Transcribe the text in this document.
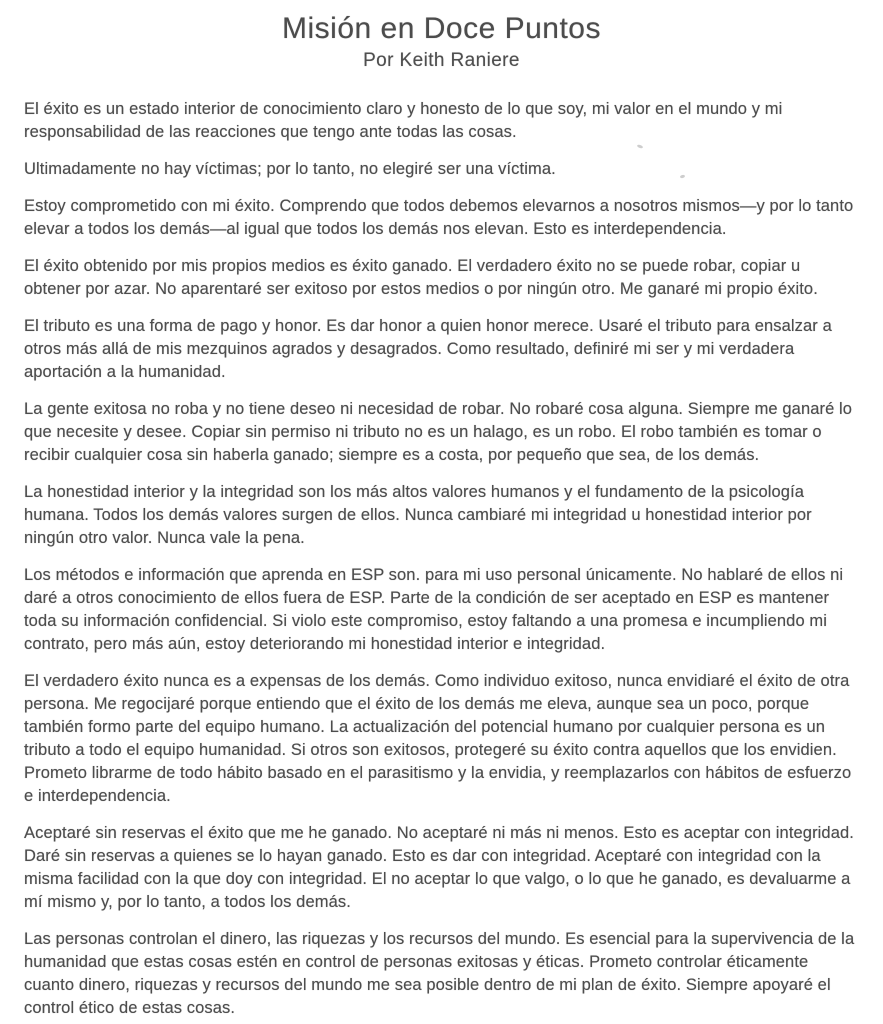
Misión en Doce Puntos
Por Keith Raniere

El éxito es un estado interior de conocimiento claro y honesto de lo que soy, mi valor en el mundo y mi responsabilidad de las reacciones que tengo ante todas las cosas.

Ultimadamente no hay víctimas; por lo tanto, no elegiré ser una víctima.

Estoy comprometido con mi éxito. Comprendo que todos debemos elevarnos a nosotros mismos—y por lo tanto elevar a todos los demás—al igual que todos los demás nos elevan. Esto es interdependencia.

El éxito obtenido por mis propios medios es éxito ganado. El verdadero éxito no se puede robar, copiar u obtener por azar. No aparentaré ser exitoso por estos medios o por ningún otro. Me ganaré mi propio éxito.

El tributo es una forma de pago y honor. Es dar honor a quien honor merece. Usaré el tributo para ensalzar a otros más allá de mis mezquinos agrados y desagrados. Como resultado, definiré mi ser y mi verdadera aportación a la humanidad.

La gente exitosa no roba y no tiene deseo ni necesidad de robar. No robaré cosa alguna. Siempre me ganaré lo que necesite y desee. Copiar sin permiso ni tributo no es un halago, es un robo. El robo también es tomar o recibir cualquier cosa sin haberla ganado; siempre es a costa, por pequeño que sea, de los demás.

La honestidad interior y la integridad son los más altos valores humanos y el fundamento de la psicología humana. Todos los demás valores surgen de ellos. Nunca cambiaré mi integridad u honestidad interior por ningún otro valor. Nunca vale la pena.

Los métodos e información que aprenda en ESP son. para mi uso personal únicamente. No hablaré de ellos ni daré a otros conocimiento de ellos fuera de ESP. Parte de la condición de ser aceptado en ESP es mantener toda su información confidencial. Si violo este compromiso, estoy faltando a una promesa e incumpliendo mi contrato, pero más aún, estoy deteriorando mi honestidad interior e integridad.

El verdadero éxito nunca es a expensas de los demás. Como individuo exitoso, nunca envidiaré el éxito de otra persona. Me regocijaré porque entiendo que el éxito de los demás me eleva, aunque sea un poco, porque también formo parte del equipo humano. La actualización del potencial humano por cualquier persona es un tributo a todo el equipo humanidad. Si otros son exitosos, protegeré su éxito contra aquellos que los envidien. Prometo librarme de todo hábito basado en el parasitismo y la envidia, y reemplazarlos con hábitos de esfuerzo e interdependencia.

Aceptaré sin reservas el éxito que me he ganado. No aceptaré ni más ni menos. Esto es aceptar con integridad. Daré sin reservas a quienes se lo hayan ganado. Esto es dar con integridad. Aceptaré con integridad con la misma facilidad con la que doy con integridad. El no aceptar lo que valgo, o lo que he ganado, es devaluarme a mí mismo y, por lo tanto, a todos los demás.

Las personas controlan el dinero, las riquezas y los recursos del mundo. Es esencial para la supervivencia de la humanidad que estas cosas estén en control de personas exitosas y éticas. Prometo controlar éticamente cuanto dinero, riquezas y recursos del mundo me sea posible dentro de mi plan de éxito. Siempre apoyaré el control ético de estas cosas.
